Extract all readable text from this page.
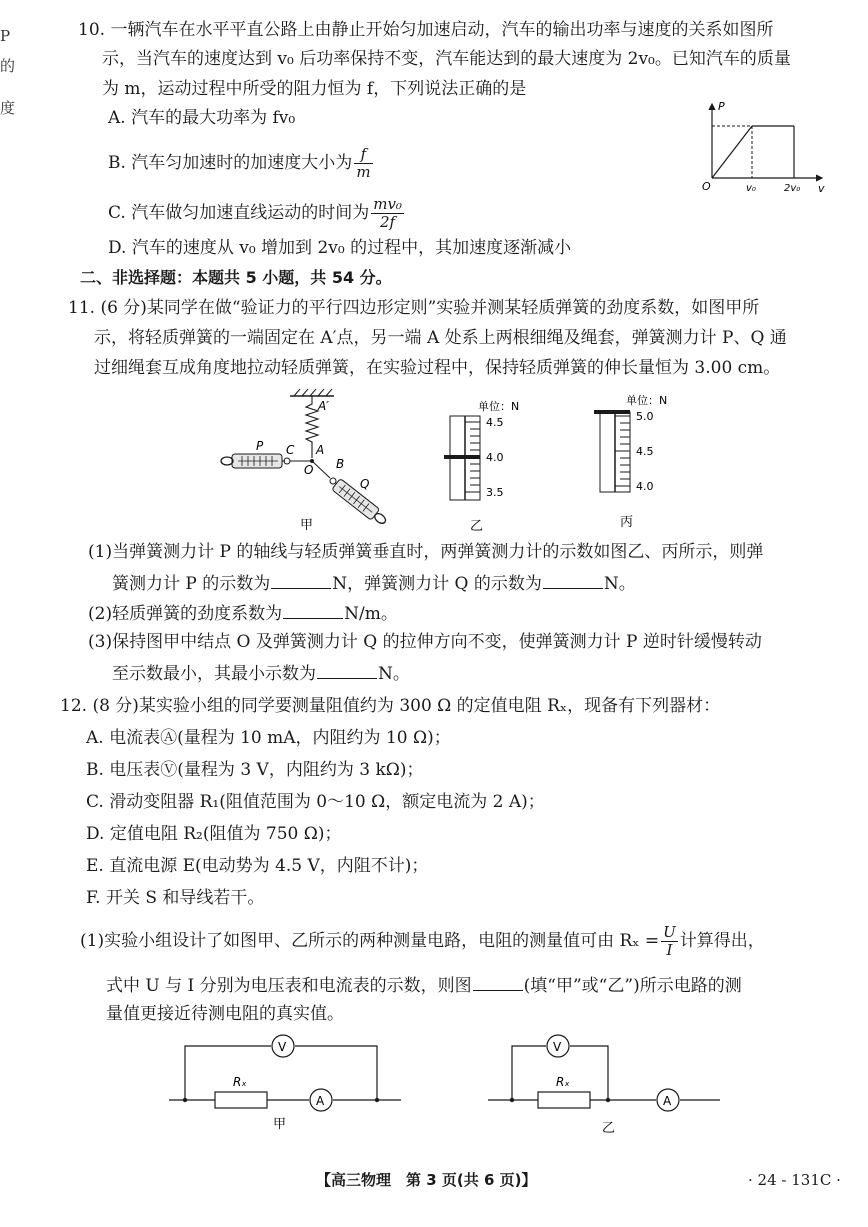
P
的
度
10. 一辆汽车在水平平直公路上由静止开始匀加速启动，汽车的输出功率与速度的关系如图所
示，当汽车的速度达到 v₀ 后功率保持不变，汽车能达到的最大速度为 2v₀。已知汽车的质量
为 m，运动过程中所受的阻力恒为 f，下列说法正确的是
A. 汽车的最大功率为 fv₀
B. 汽车匀加速时的加速度大小为 $\frac{f}{m}$
C. 汽车做匀加速直线运动的时间为 $\frac{\text{mv₀}}{2f}$
D. 汽车的速度从 v₀ 增加到 2v₀ 的过程中，其加速度逐渐减小
P
v
O	v₀	2v₀
二、非选择题：本题共 5 小题，共 54 分。
11. (6 分)某同学在做“验证力的平行四边形定则”实验并测某轻质弹簧的劲度系数，如图甲所
示，将轻质弹簧的一端固定在 A′点，另一端 A 处系上两根细绳及绳套，弹簧测力计 P、Q 通
过细绳套互成角度地拉动轻质弹簧，在实验过程中，保持轻质弹簧的伸长量恒为 3.00 cm。
A′
A
P C
O B
Q
甲
单位：N
4.5
4.0
3.5
乙
单位：N
5.0
4.5
4.0
丙
(1)当弹簧测力计 P 的轴线与轻质弹簧垂直时，两弹簧测力计的示数如图乙、丙所示，则弹
簧测力计 P 的示数为	N，弹簧测力计 Q 的示数为	N。
(2)轻质弹簧的劲度系数为	N/m。
(3)保持图甲中结点 O 及弹簧测力计 Q 的拉伸方向不变，使弹簧测力计 P 逆时针缓慢转动
至示数最小，其最小示数为	N。
12. (8 分)某实验小组的同学要测量阻值约为 300 Ω 的定值电阻 Rₓ，现备有下列器材：
A. 电流表Ⓐ(量程为 10 mA，内阻约为 10 Ω)；
B. 电压表Ⓥ(量程为 3 V，内阻约为 3 kΩ)；
C. 滑动变阻器 R₁(阻值范围为 0～10 Ω，额定电流为 2 A)；
D. 定值电阻 R₂(阻值为 750 Ω)；
E. 直流电源 E(电动势为 4.5 V，内阻不计)；
F. 开关 S 和导线若干。
(1)实验小组设计了如图甲、乙所示的两种测量电路，电阻的测量值可由 $R_x = \frac{U}{I}$ 计算得出，
式中 U 与 I 分别为电压表和电流表的示数，则图	(填“甲”或“乙”)所示电路的测
量值更接近待测电阻的真实值。
V
A
Rₓ
甲
V
A
Rₓ
乙
【高三物理　第 3 页(共 6 页)】	· 24 - 131C ·
